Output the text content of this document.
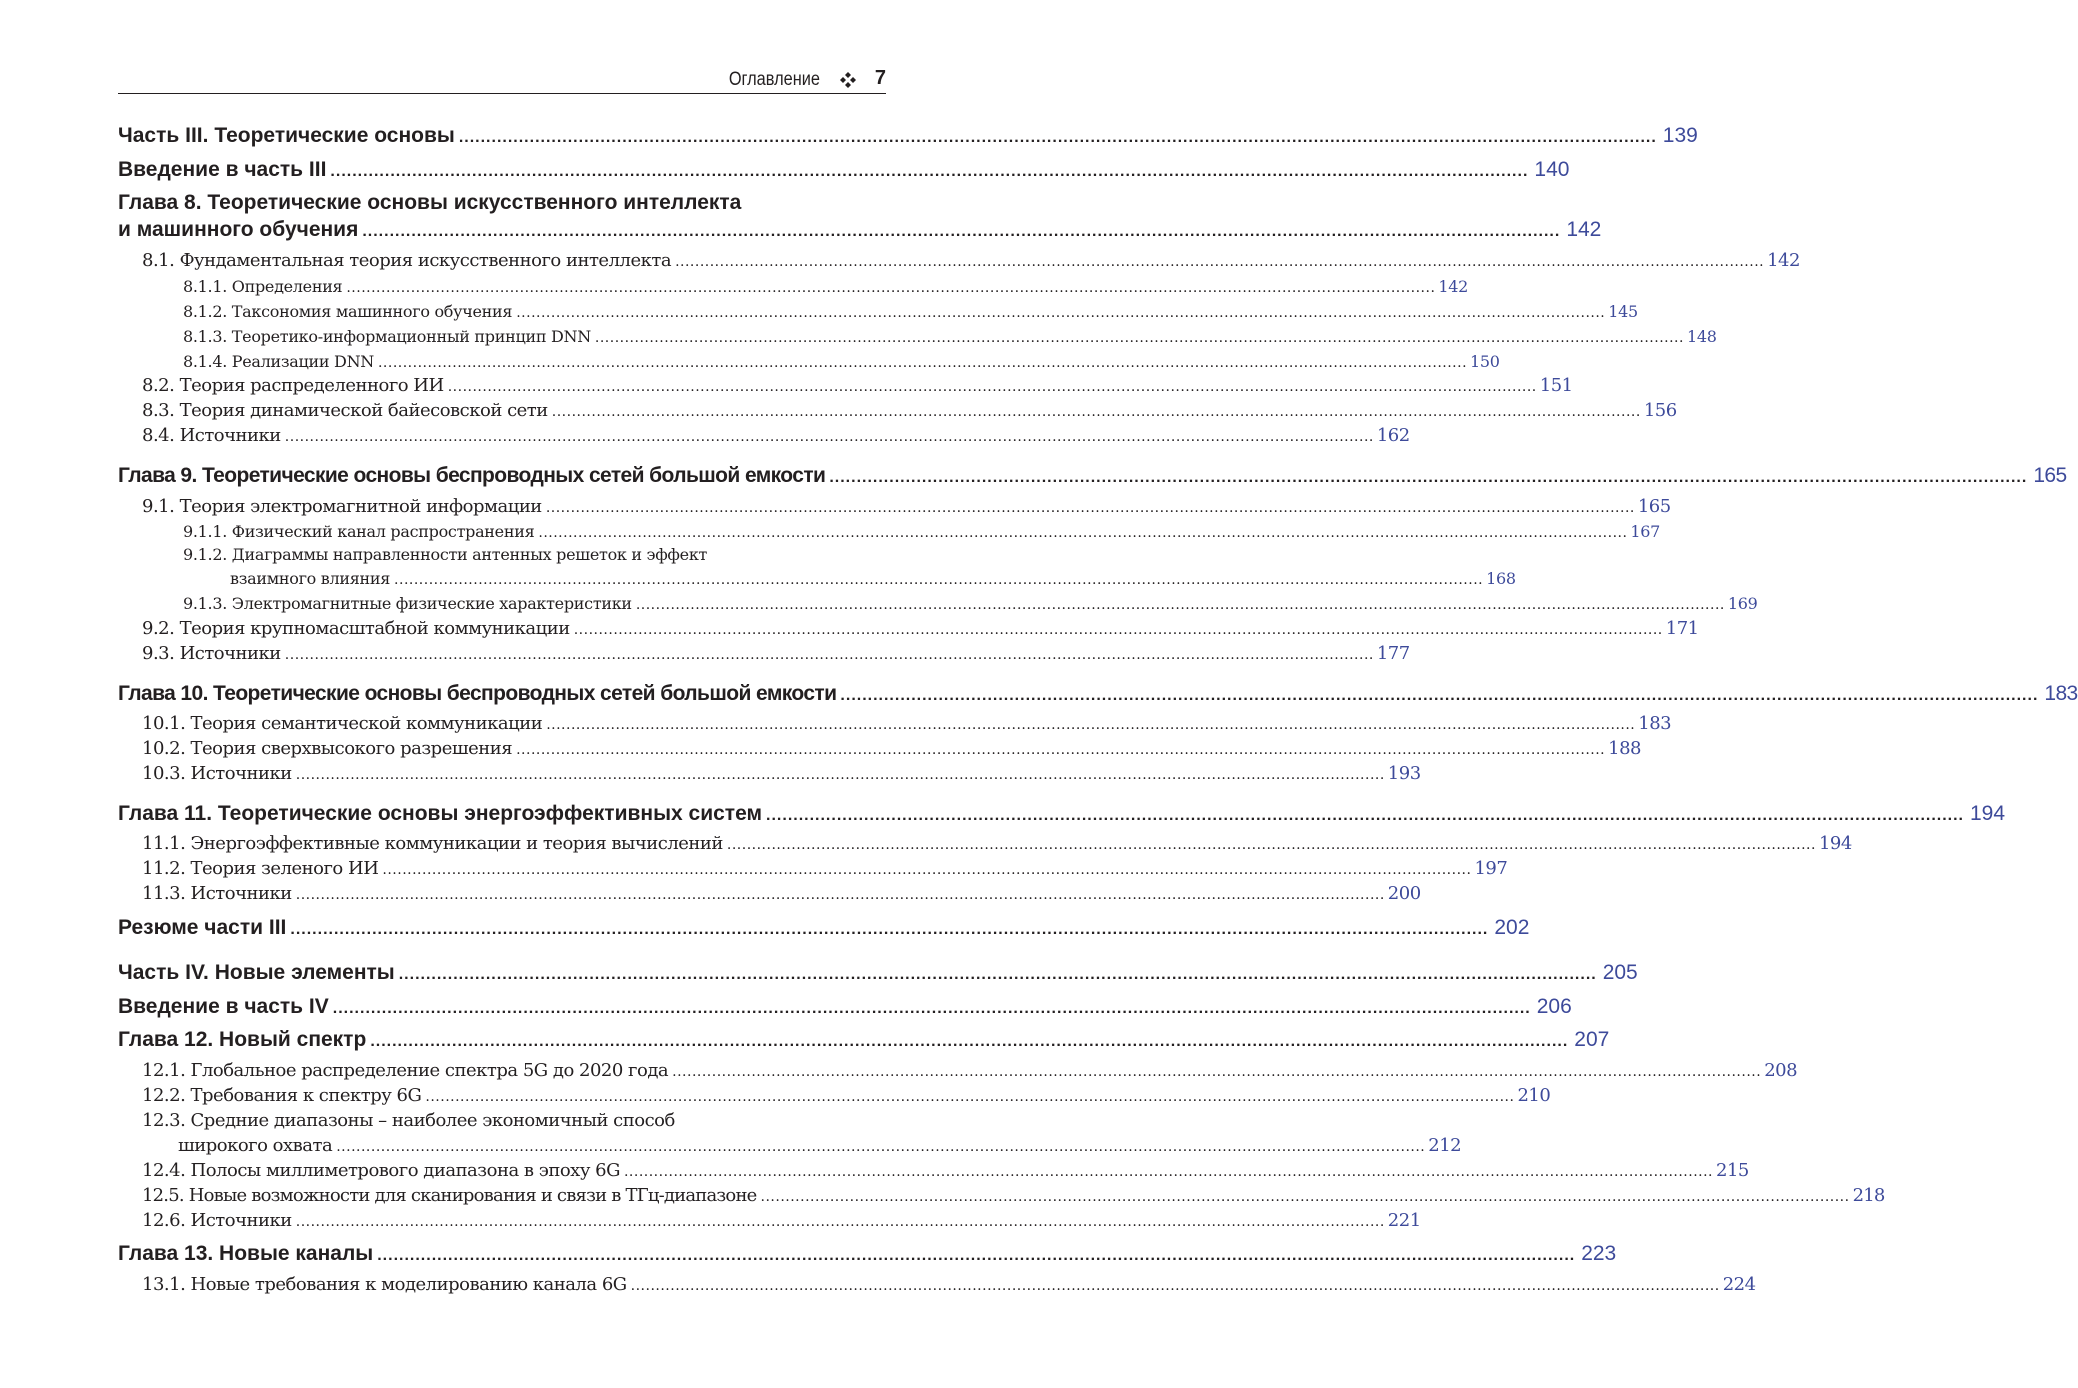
Оглавление	7
Часть III. Теоретические основы ............................................................................................................................................................................................................................ 139
Введение в часть III ............................................................................................................................................................................................................................ 140
Глава 8. Теоретические основы искусственного интеллекта
и машинного обучения ............................................................................................................................................................................................................................ 142
8.1. Фундаментальная теория искусственного интеллекта ............................................................................................................................................................................................................................ 142
8.1.1. Определения ............................................................................................................................................................................................................................ 142
8.1.2. Таксономия машинного обучения ............................................................................................................................................................................................................................ 145
8.1.3. Теоретико-информационный принцип DNN ............................................................................................................................................................................................................................ 148
8.1.4. Реализации DNN ............................................................................................................................................................................................................................ 150
8.2. Теория распределенного ИИ ............................................................................................................................................................................................................................ 151
8.3. Теория динамической байесовской сети ............................................................................................................................................................................................................................ 156
8.4. Источники ............................................................................................................................................................................................................................ 162
Глава 9. Теоретические основы беспроводных сетей большой емкости ............................................................................................................................................................................................................................ 165
9.1. Теория электромагнитной информации ............................................................................................................................................................................................................................ 165
9.1.1. Физический канал распространения ............................................................................................................................................................................................................................ 167
9.1.2. Диаграммы направленности антенных решеток и эффект
взаимного влияния ............................................................................................................................................................................................................................ 168
9.1.3. Электромагнитные физические характеристики ............................................................................................................................................................................................................................ 169
9.2. Теория крупномасштабной коммуникации ............................................................................................................................................................................................................................ 171
9.3. Источники ............................................................................................................................................................................................................................ 177
Глава 10. Теоретические основы беспроводных сетей большой емкости ............................................................................................................................................................................................................................ 183
10.1. Теория семантической коммуникации ............................................................................................................................................................................................................................ 183
10.2. Теория сверхвысокого разрешения ............................................................................................................................................................................................................................ 188
10.3. Источники ............................................................................................................................................................................................................................ 193
Глава 11. Теоретические основы энергоэффективных систем ............................................................................................................................................................................................................................ 194
11.1. Энергоэффективные коммуникации и теория вычислений ............................................................................................................................................................................................................................ 194
11.2. Теория зеленого ИИ ............................................................................................................................................................................................................................ 197
11.3. Источники ............................................................................................................................................................................................................................ 200
Резюме части III ............................................................................................................................................................................................................................ 202
Часть IV. Новые элементы ............................................................................................................................................................................................................................ 205
Введение в часть IV ............................................................................................................................................................................................................................ 206
Глава 12. Новый спектр ............................................................................................................................................................................................................................ 207
12.1. Глобальное распределение спектра 5G до 2020 года ............................................................................................................................................................................................................................ 208
12.2. Требования к спектру 6G ............................................................................................................................................................................................................................ 210
12.3. Средние диапазоны – наиболее экономичный способ
широкого охвата ............................................................................................................................................................................................................................ 212
12.4. Полосы миллиметрового диапазона в эпоху 6G ............................................................................................................................................................................................................................ 215
12.5. Новые возможности для сканирования и связи в ТГц-диапазоне ............................................................................................................................................................................................................................ 218
12.6. Источники ............................................................................................................................................................................................................................ 221
Глава 13. Новые каналы ............................................................................................................................................................................................................................ 223
13.1. Новые требования к моделированию канала 6G ............................................................................................................................................................................................................................ 224
